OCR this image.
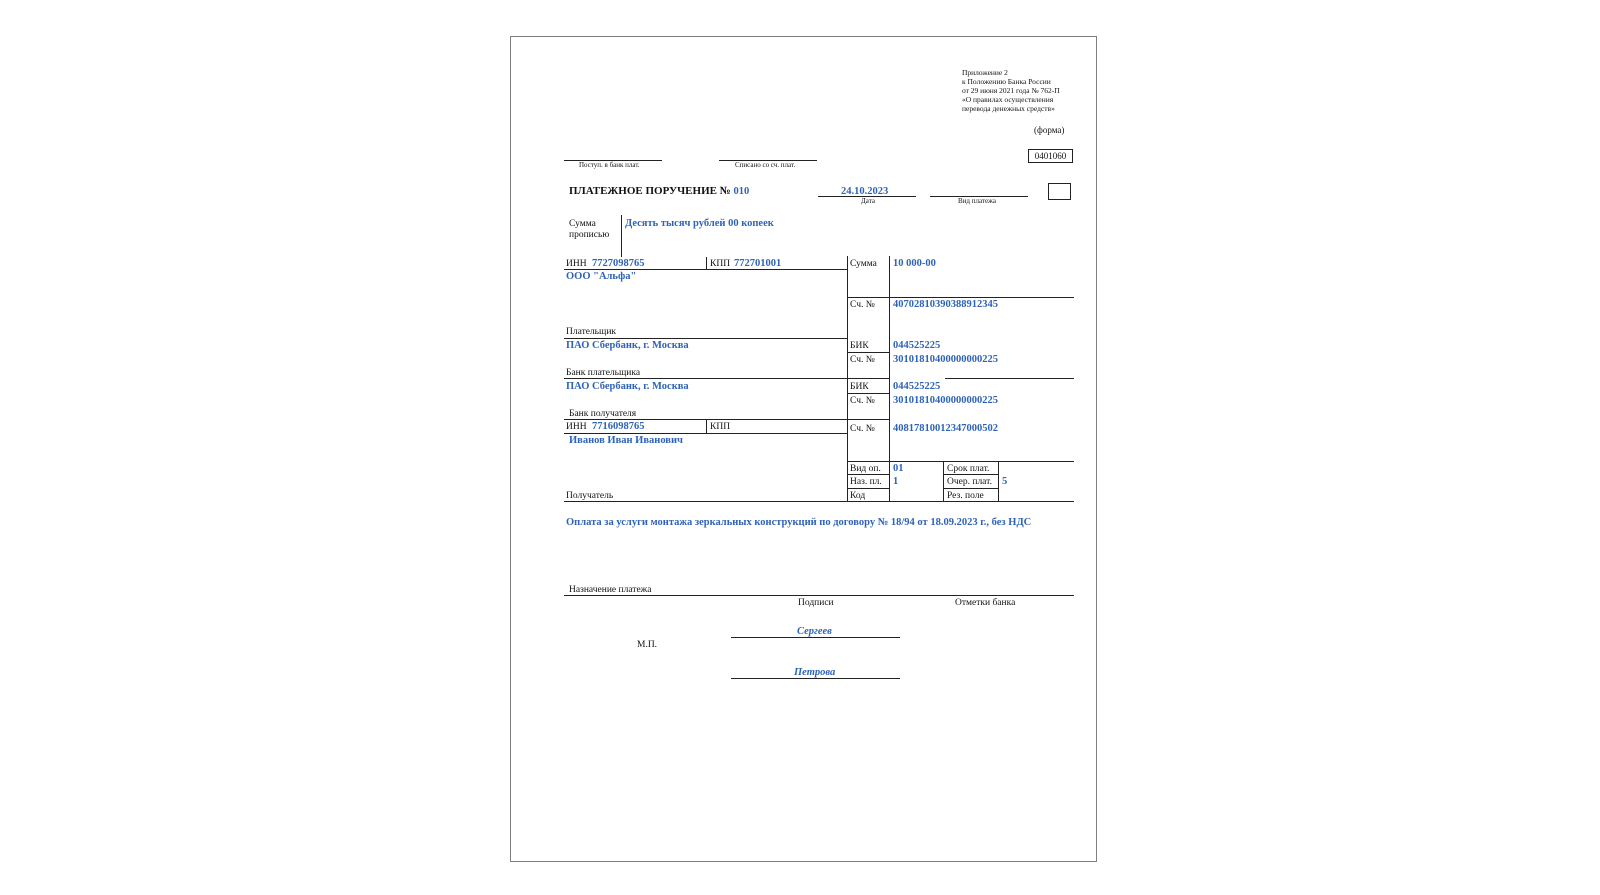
Приложение 2
к Положению Банка России
от 29 июня 2021 года № 762-П
«О правилах осуществления
перевода денежных средств»
(форма)
0401060
Поступ. в банк плат.	Списано со сч. плат.
ПЛАТЕЖНОЕ ПОРУЧЕНИЕ № 010	24.10.2023
Дата	Вид платежа
Сумма
прописью
Десять тысяч рублей 00 копеек
ИНН 7727098765	КПП 772701001
ООО "Альфа"
Плательщик
Сумма 10 000-00
Сч. № 40702810390388912345
БИК 044525225
Сч. № 30101810400000000225
ПАО Сбербанк, г. Москва
Банк плательщика
БИК 044525225
Сч. № 30101810400000000225
ПАО Сбербанк, г. Москва
Банк получателя
ИНН 7716098765	КПП	Сч. № 40817810012347000502
Иванов Иван Иванович
Вид оп. 01	Срок плат.
Наз. пл. 1	Очер. плат. 5
Код	Рез. поле
Получатель
Оплата за услуги монтажа зеркальных конструкций по договору № 18/94 от 18.09.2023 г., без НДС
Назначение платежа
Подписи	Отметки банка
М.П.
Сергеев
Петрова
